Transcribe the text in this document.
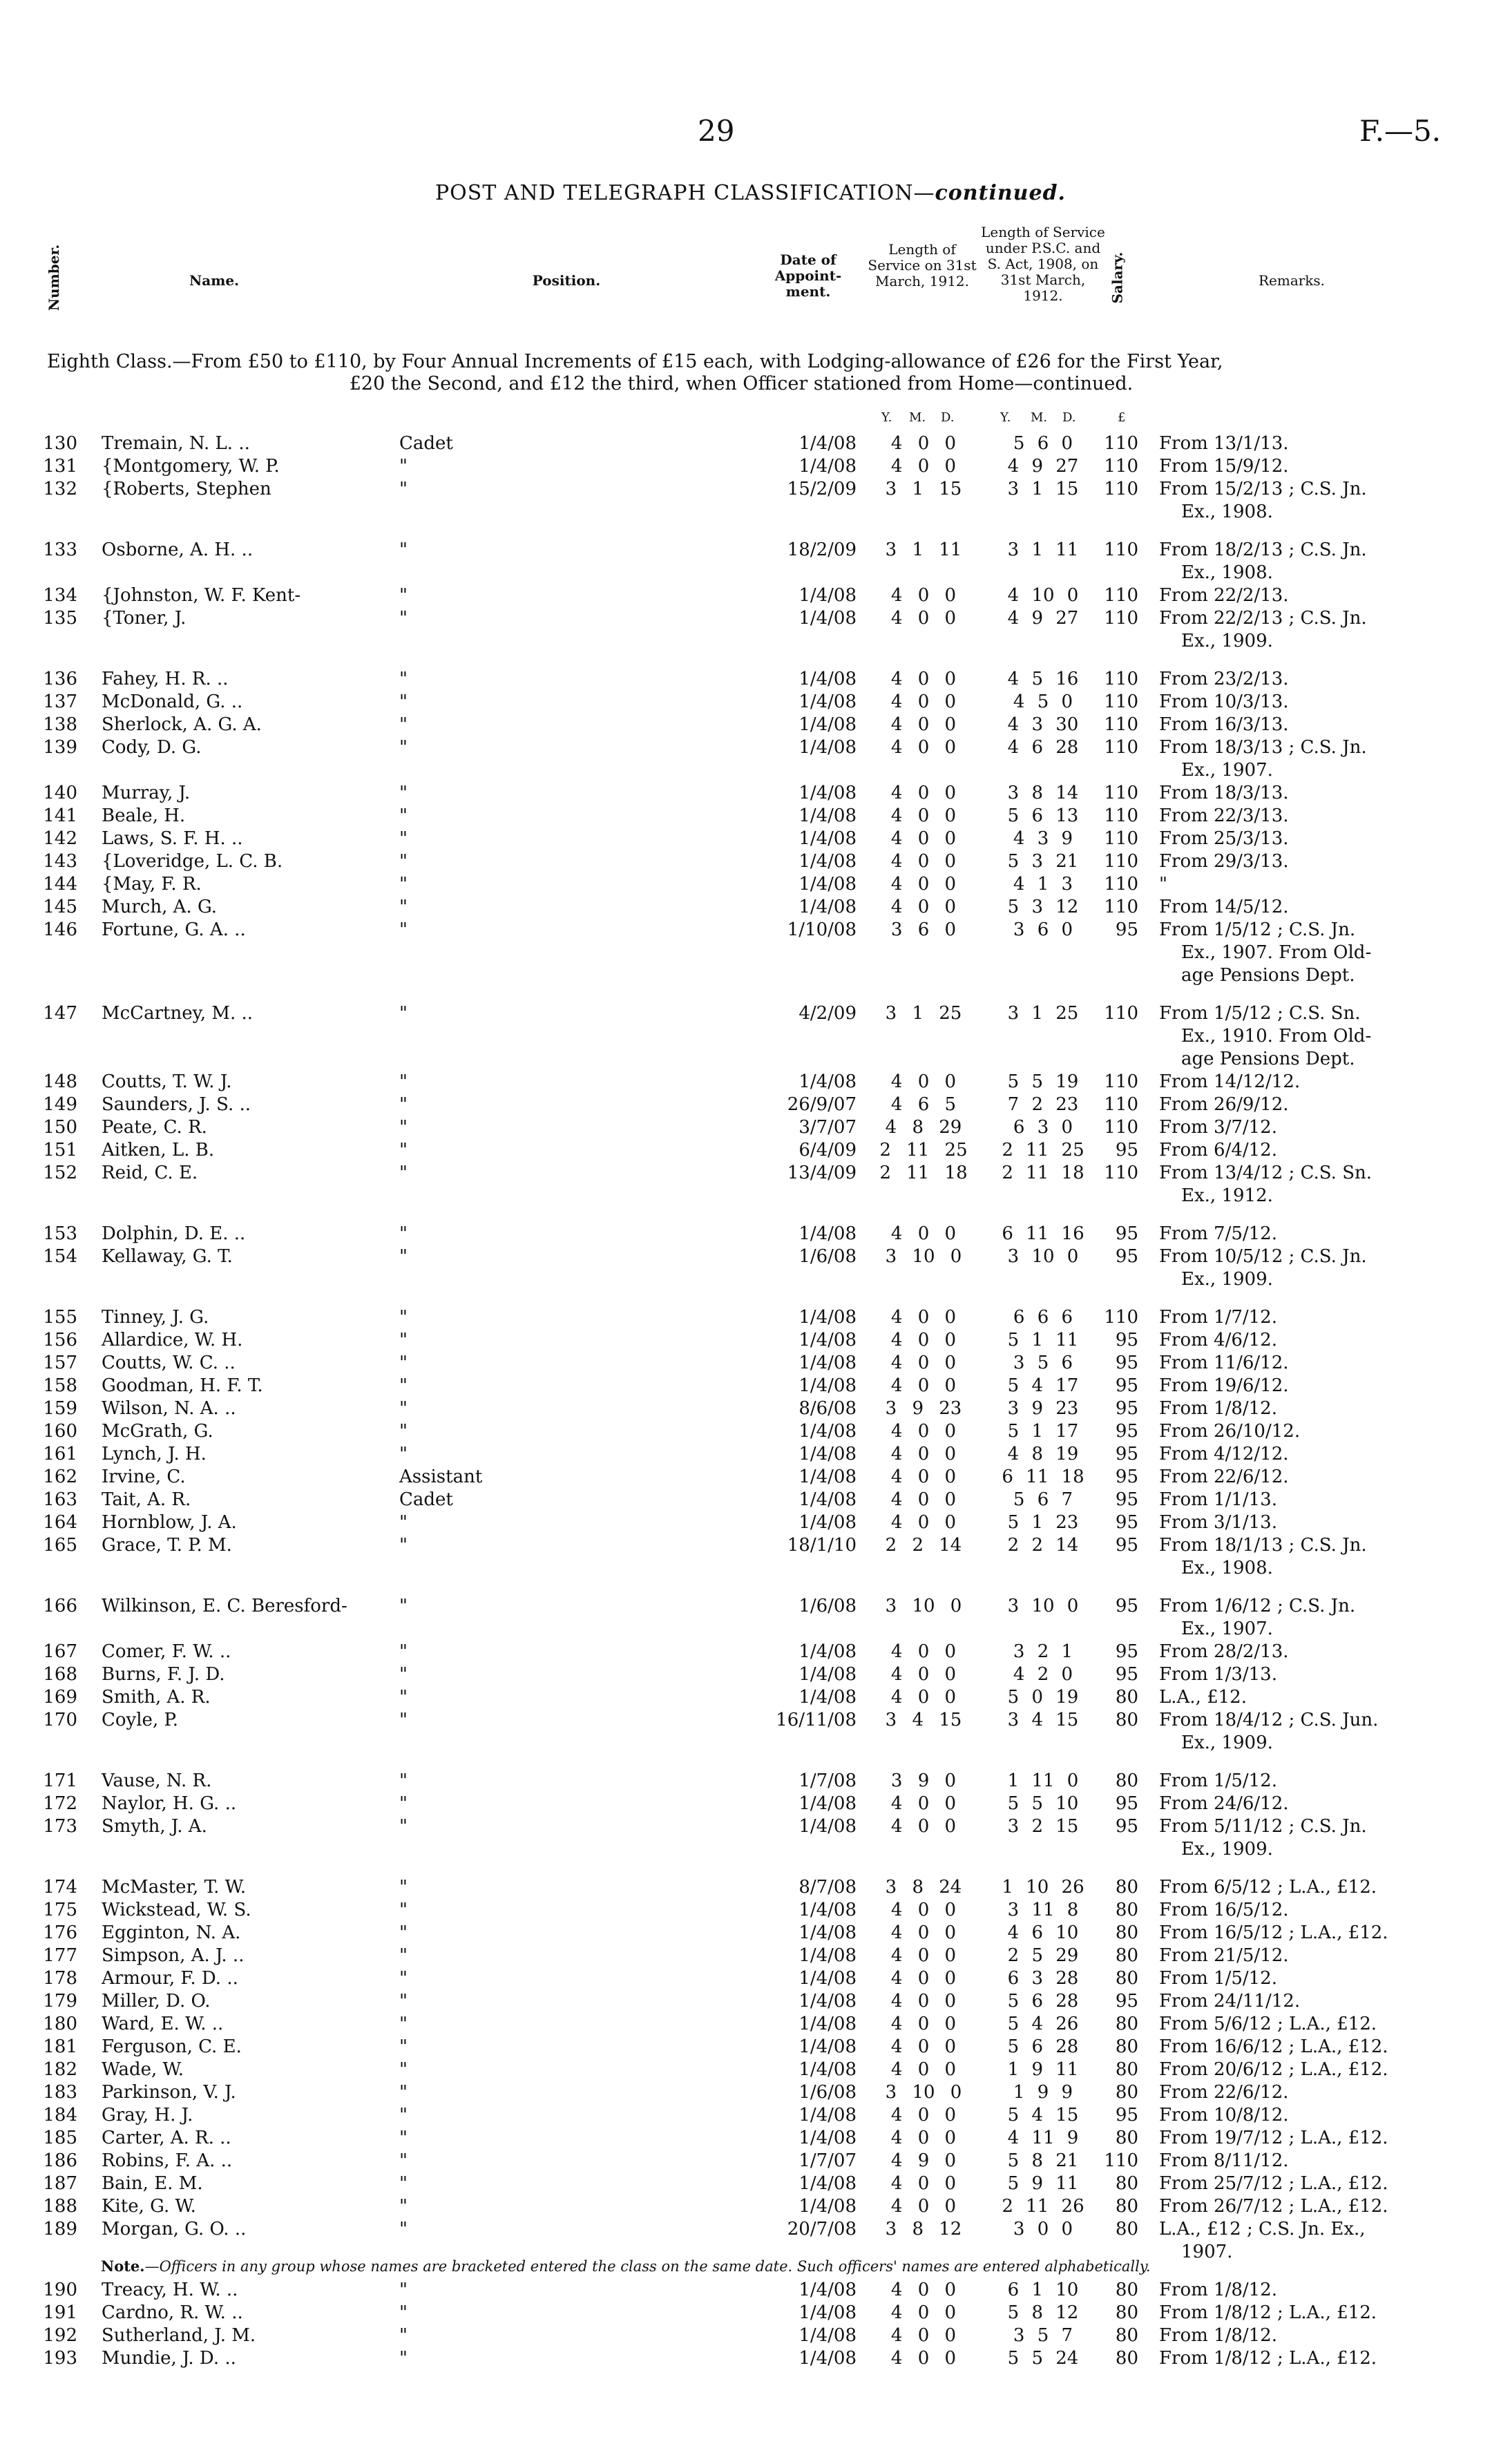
29	F.—5.
POST AND TELEGRAPH CLASSIFICATION—continued.
Number.	Name.	Position.
Date of Appoint-ment.
Length of Service on 31st March, 1912.
Length of Service under P.S.C. and S. Act, 1908, on 31st March, 1912.	Salary.	Remarks.
Eighth Class.—From £50 to £110, by Four Annual Increments of £15 each, with Lodging-allowance of £26 for the First Year,
£20 the Second, and £12 the third, when Officer stationed from Home—continued.
Y. M. D.	Y. M. D.	£
130 Tremain, N. L. ..	Cadet	1/4/08	4 0 0	5 6 0	110 From 13/1/13.
131 {Montgomery, W. P.	"	1/4/08	4 0 0	4 9 27	110 From 15/9/12.
132 {Roberts, Stephen	"	15/2/09	3 1 15	3 1 15	110 From 15/2/13 ; C.S. Jn.
Ex., 1908.
133 Osborne, A. H. ..	"	18/2/09	3 1 11	3 1 11	110 From 18/2/13 ; C.S. Jn.
Ex., 1908.
134 {Johnston, W. F. Kent-	"	1/4/08	4 0 0	4 10 0	110 From 22/2/13.
135 {Toner, J.	"	1/4/08	4 0 0	4 9 27	110 From 22/2/13 ; C.S. Jn.
Ex., 1909.
136 Fahey, H. R. ..	"	1/4/08	4 0 0	4 5 16	110 From 23/2/13.
137 McDonald, G. ..	"	1/4/08	4 0 0	4 5 0	110 From 10/3/13.
138 Sherlock, A. G. A.	"	1/4/08	4 0 0	4 3 30	110 From 16/3/13.
139 Cody, D. G.	"	1/4/08	4 0 0	4 6 28	110 From 18/3/13 ; C.S. Jn.
Ex., 1907.
140 Murray, J.	"	1/4/08	4 0 0	3 8 14	110 From 18/3/13.
141 Beale, H.	"	1/4/08	4 0 0	5 6 13	110 From 22/3/13.
142 Laws, S. F. H. ..	"	1/4/08	4 0 0	4 3 9	110 From 25/3/13.
143 {Loveridge, L. C. B.	"	1/4/08	4 0 0	5 3 21	110 From 29/3/13.
144 {May, F. R.	"	1/4/08	4 0 0	4 1 3	110 "
145 Murch, A. G.	"	1/4/08	4 0 0	5 3 12	110 From 14/5/12.
146 Fortune, G. A. ..	"	1/10/08	3 6 0	3 6 0	95 From 1/5/12 ; C.S. Jn.
Ex., 1907. From Old-
age Pensions Dept.
147 McCartney, M. ..	"	4/2/09	3 1 25	3 1 25	110 From 1/5/12 ; C.S. Sn.
Ex., 1910. From Old-
age Pensions Dept.
148 Coutts, T. W. J.	"	1/4/08	4 0 0	5 5 19	110 From 14/12/12.
149 Saunders, J. S. ..	"	26/9/07	4 6 5	7 2 23	110 From 26/9/12.
150 Peate, C. R.	"	3/7/07	4 8 29	6 3 0	110 From 3/7/12.
151 Aitken, L. B.	"	6/4/09	2 11 25	2 11 25	95 From 6/4/12.
152 Reid, C. E.	"	13/4/09	2 11 18	2 11 18	110 From 13/4/12 ; C.S. Sn.
Ex., 1912.
153 Dolphin, D. E. ..	"	1/4/08	4 0 0	6 11 16	95 From 7/5/12.
154 Kellaway, G. T.	"	1/6/08	3 10 0	3 10 0	95 From 10/5/12 ; C.S. Jn.
Ex., 1909.
155 Tinney, J. G.	"	1/4/08	4 0 0	6 6 6	110 From 1/7/12.
156 Allardice, W. H.	"	1/4/08	4 0 0	5 1 11	95 From 4/6/12.
157 Coutts, W. C. ..	"	1/4/08	4 0 0	3 5 6	95 From 11/6/12.
158 Goodman, H. F. T.	"	1/4/08	4 0 0	5 4 17	95 From 19/6/12.
159 Wilson, N. A. ..	"	8/6/08	3 9 23	3 9 23	95 From 1/8/12.
160 McGrath, G.	"	1/4/08	4 0 0	5 1 17	95 From 26/10/12.
161 Lynch, J. H.	"	1/4/08	4 0 0	4 8 19	95 From 4/12/12.
162 Irvine, C.	Assistant	1/4/08	4 0 0	6 11 18	95 From 22/6/12.
163 Tait, A. R.	Cadet	1/4/08	4 0 0	5 6 7	95 From 1/1/13.
164 Hornblow, J. A.	"	1/4/08	4 0 0	5 1 23	95 From 3/1/13.
165 Grace, T. P. M.	"	18/1/10	2 2 14	2 2 14	95 From 18/1/13 ; C.S. Jn.
Ex., 1908.
166 Wilkinson, E. C. Beresford-	"	1/6/08	3 10 0	3 10 0	95 From 1/6/12 ; C.S. Jn.
Ex., 1907.
167 Comer, F. W. ..	"	1/4/08	4 0 0	3 2 1	95 From 28/2/13.
168 Burns, F. J. D.	"	1/4/08	4 0 0	4 2 0	95 From 1/3/13.
169 Smith, A. R.	"	1/4/08	4 0 0	5 0 19	80 L.A., £12.
170 Coyle, P.	"	16/11/08	3 4 15	3 4 15	80 From 18/4/12 ; C.S. Jun.
Ex., 1909.
171 Vause, N. R.	"	1/7/08	3 9 0	1 11 0	80 From 1/5/12.
172 Naylor, H. G. ..	"	1/4/08	4 0 0	5 5 10	95 From 24/6/12.
173 Smyth, J. A.	"	1/4/08	4 0 0	3 2 15	95 From 5/11/12 ; C.S. Jn.
Ex., 1909.
174 McMaster, T. W.	"	8/7/08	3 8 24	1 10 26	80 From 6/5/12 ; L.A., £12.
175 Wickstead, W. S.	"	1/4/08	4 0 0	3 11 8	80 From 16/5/12.
176 Egginton, N. A.	"	1/4/08	4 0 0	4 6 10	80 From 16/5/12 ; L.A., £12.
177 Simpson, A. J. ..	"	1/4/08	4 0 0	2 5 29	80 From 21/5/12.
178 Armour, F. D. ..	"	1/4/08	4 0 0	6 3 28	80 From 1/5/12.
179 Miller, D. O.	"	1/4/08	4 0 0	5 6 28	95 From 24/11/12.
180 Ward, E. W. ..	"	1/4/08	4 0 0	5 4 26	80 From 5/6/12 ; L.A., £12.
181 Ferguson, C. E.	"	1/4/08	4 0 0	5 6 28	80 From 16/6/12 ; L.A., £12.
182 Wade, W.	"	1/4/08	4 0 0	1 9 11	80 From 20/6/12 ; L.A., £12.
183 Parkinson, V. J.	"	1/6/08	3 10 0	1 9 9	80 From 22/6/12.
184 Gray, H. J.	"	1/4/08	4 0 0	5 4 15	95 From 10/8/12.
185 Carter, A. R. ..	"	1/4/08	4 0 0	4 11 9	80 From 19/7/12 ; L.A., £12.
186 Robins, F. A. ..	"	1/7/07	4 9 0	5 8 21	110 From 8/11/12.
187 Bain, E. M.	"	1/4/08	4 0 0	5 9 11	80 From 25/7/12 ; L.A., £12.
188 Kite, G. W.	"	1/4/08	4 0 0	2 11 26	80 From 26/7/12 ; L.A., £12.
189 Morgan, G. O. ..	"	20/7/08	3 8 12	3 0 0	80 L.A., £12 ; C.S. Jn. Ex.,
1907.
190 Treacy, H. W. ..	"	1/4/08	4 0 0	6 1 10	80 From 1/8/12.
191 Cardno, R. W. ..	"	1/4/08	4 0 0	5 8 12	80 From 1/8/12 ; L.A., £12.
192 Sutherland, J. M.	"	1/4/08	4 0 0	3 5 7	80 From 1/8/12.
193 Mundie, J. D. ..	"	1/4/08	4 0 0	5 5 24	80 From 1/8/12 ; L.A., £12.
Note.—Officers in any group whose names are bracketed entered the class on the same date. Such officers' names are entered alphabetically.
